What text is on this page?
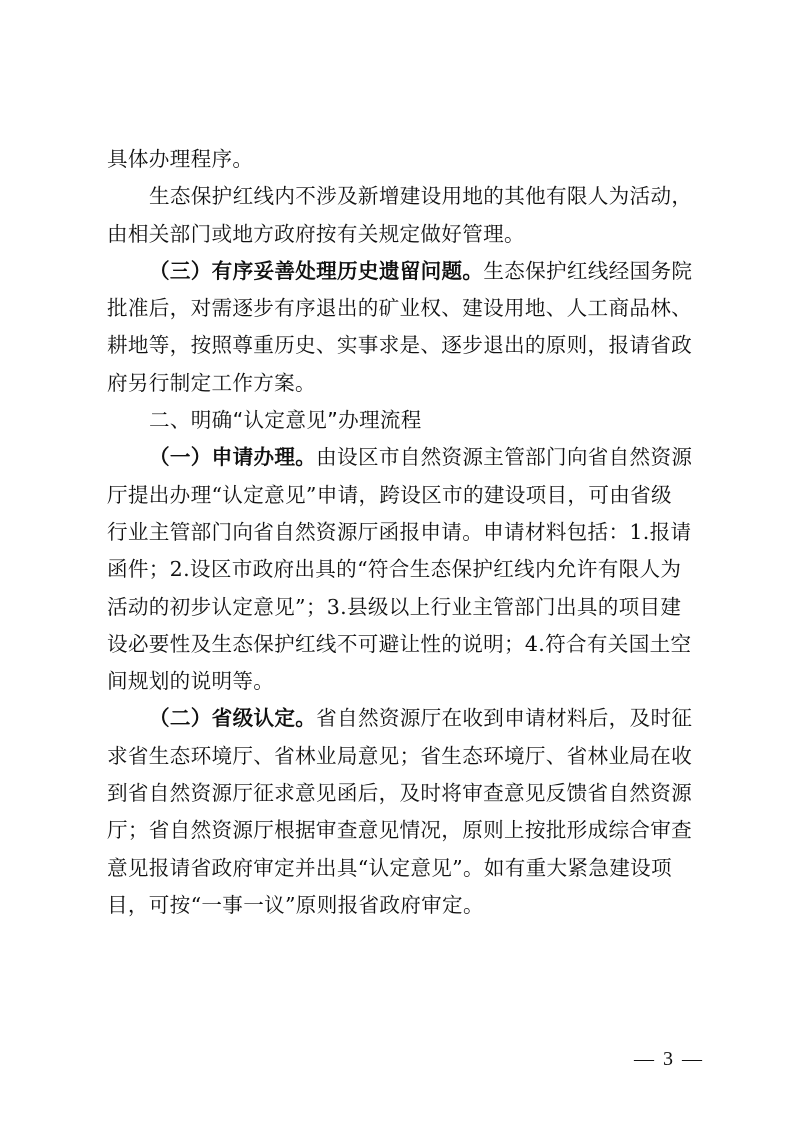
具体办理程序。
生态保护红线内不涉及新增建设用地的其他有限人为活动，
由相关部门或地方政府按有关规定做好管理。
（三）有序妥善处理历史遗留问题。生态保护红线经国务院
批准后，对需逐步有序退出的矿业权、建设用地、人工商品林、
耕地等，按照尊重历史、实事求是、逐步退出的原则，报请省政
府另行制定工作方案。
二、明确“认定意见”办理流程
（一）申请办理。由设区市自然资源主管部门向省自然资源
厅提出办理“认定意见”申请，跨设区市的建设项目，可由省级
行业主管部门向省自然资源厅函报申请。申请材料包括：1.报请
函件；2.设区市政府出具的“符合生态保护红线内允许有限人为
活动的初步认定意见”；3.县级以上行业主管部门出具的项目建
设必要性及生态保护红线不可避让性的说明；4.符合有关国土空
间规划的说明等。
（二）省级认定。省自然资源厅在收到申请材料后，及时征
求省生态环境厅、省林业局意见；省生态环境厅、省林业局在收
到省自然资源厅征求意见函后，及时将审查意见反馈省自然资源
厅；省自然资源厅根据审查意见情况，原则上按批形成综合审查
意见报请省政府审定并出具“认定意见”。如有重大紧急建设项
目，可按“一事一议”原则报省政府审定。
— 3 —
